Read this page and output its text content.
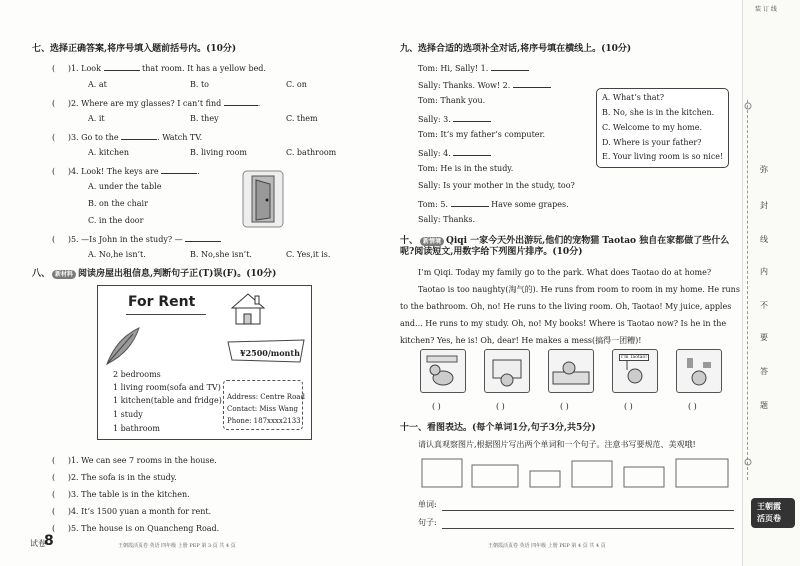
七、选择正确答案,将序号填入题前括号内。(10分)
(     )1. Look	that room. It has a yellow bed.
A. at	B. to	C. on
(     )2. Where are my glasses? I can’t find	.
A. it	B. they	C. them
(     )3. Go to the	. Watch TV.
A. kitchen	B. living room	C. bathroom
(     )4. Look! The keys are	.
A. under the table
B. on the chair
C. in the door
(     )5. —Is John in the study? —
A. No,he isn’t.	B. No,she isn’t.	C. Yes,it is.
八、 新材料 阅读房屋出租信息,判断句子正(T)误(F)。(10分)
For Rent
¥2500/month
2 bedrooms
1 living room(sofa and TV)
1 kitchen(table and fridge)
1 study
1 bathroom
Address: Centre Road
Contact: Miss Wang
Phone: 187xxxx2133
(     )1. We can see 7 rooms in the house.
(     )2. The sofa is in the study.
(     )3. The table is in the kitchen.
(     )4. It’s 1500 yuan a month for rent.
(     )5. The house is on Quancheng Road.
试卷
8	王朝霞活页卷 英语 四年级 上册 PEP 第 3 页 共 4 页
九、选择合适的选项补全对话,将序号填在横线上。(10分)
Tom: Hi, Sally! 1.
Sally: Thanks. Wow! 2.
Tom: Thank you.
Sally: 3.
Tom: It’s my father’s computer.
Sally: 4.
Tom: He is in the study.
Sally: Is your mother in the study, too?
Tom: 5.	Have some grapes.
Sally: Thanks.
A. What’s that?
B. No, she is in the kitchen.
C. Welcome to my home.
D. Where is your father?
E. Your living room is so nice!
十、 新情境 Qiqi 一家今天外出游玩,他们的宠物猫 Taotao 独自在家都做了些什么呢?阅读短文,用数字给下列图片排序。(10分)
I’m Qiqi. Today my family go to the park. What does Taotao do at home?
Taotao is too naughty(淘气的). He runs from room to room in my home. He runs
to the bathroom. Oh, no! He runs to the living room. Oh, Taotao! My juice, apples
and... He runs to my study. Oh, no! My books! Where is Taotao now? Is he in the
kitchen? Yes, he is! Oh, dear! He makes a mess(搞得一团糟)!
I’m Taotao!
( )	( )	( )	( )	( )
十一、看图表达。(每个单词1分,句子3分,共5分)
请认真观察图片,根据图片写出两个单词和一个句子。注意书写要规范、美观哦!
单词:
句子:
王朝霞活页卷 英语 四年级 上册 PEP 第 4 页 共 4 页
装 订 线
弥
封
线
内
不
要
答
题
王朝霞
活页卷
